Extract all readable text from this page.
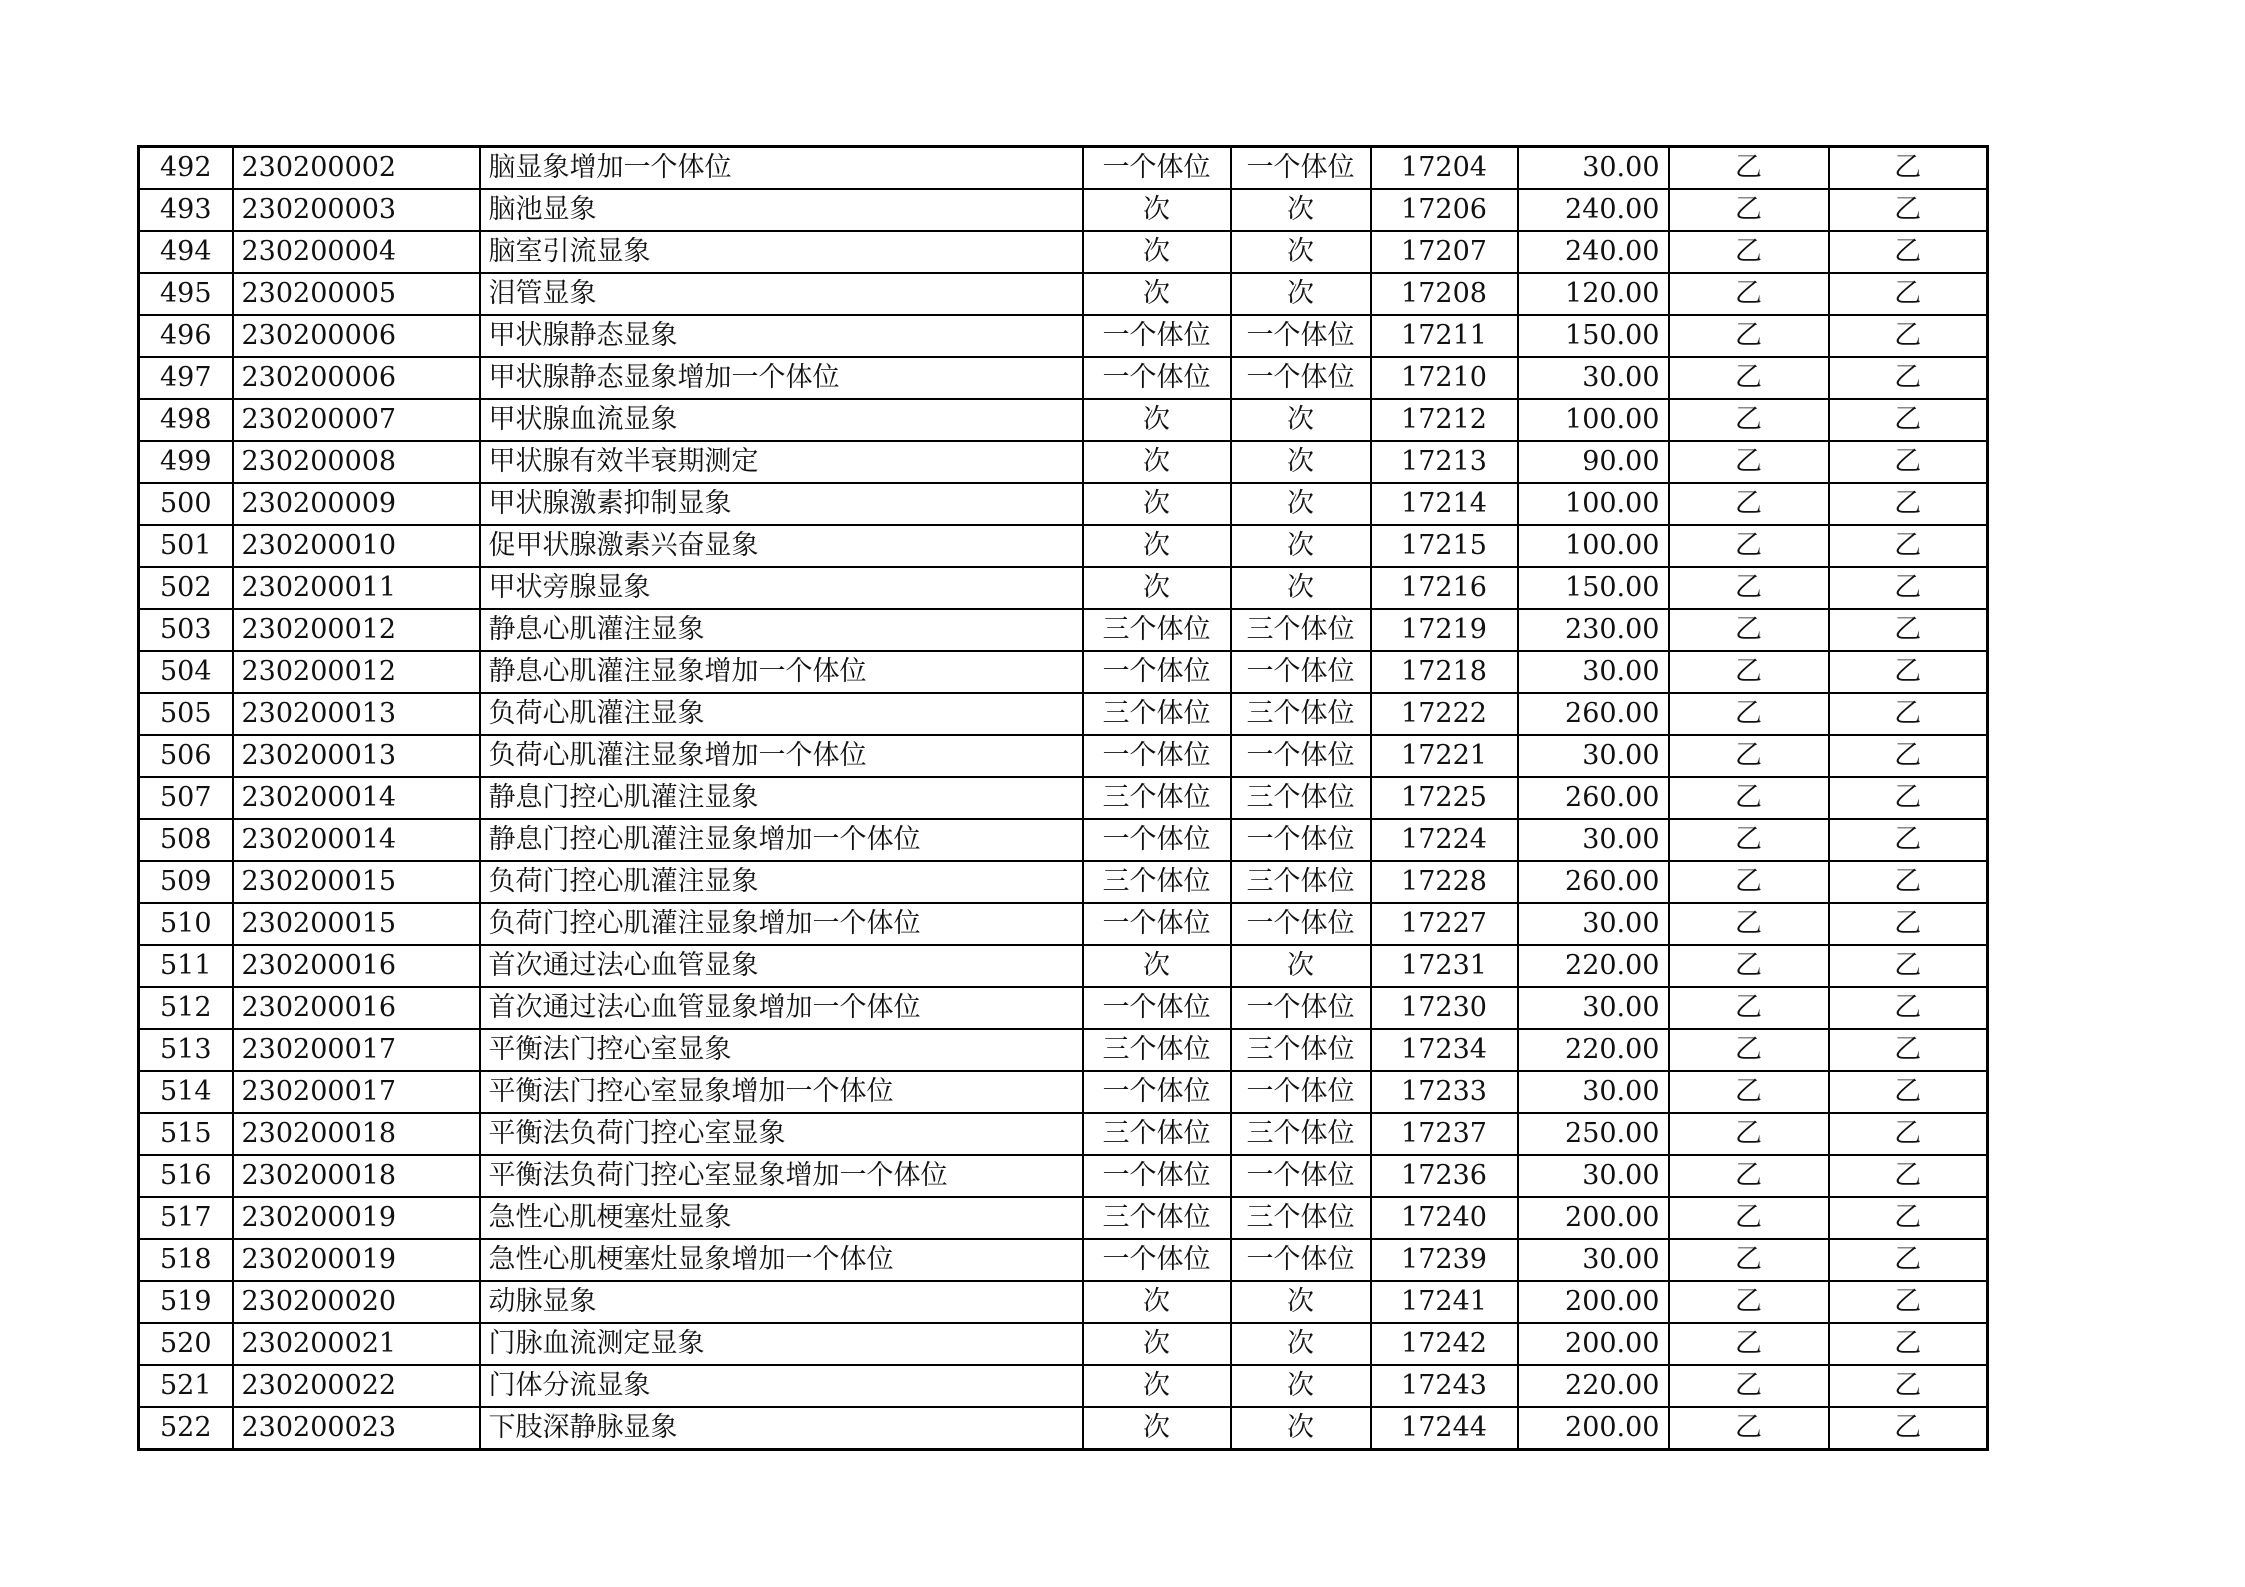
492	230200002	脑显象增加一个体位	一个体位	一个体位	17204	30.00	乙	乙
493	230200003	脑池显象	次	次	17206	240.00	乙	乙
494	230200004	脑室引流显象	次	次	17207	240.00	乙	乙
495	230200005	泪管显象	次	次	17208	120.00	乙	乙
496	230200006	甲状腺静态显象	一个体位	一个体位	17211	150.00	乙	乙
497	230200006	甲状腺静态显象增加一个体位	一个体位	一个体位	17210	30.00	乙	乙
498	230200007	甲状腺血流显象	次	次	17212	100.00	乙	乙
499	230200008	甲状腺有效半衰期测定	次	次	17213	90.00	乙	乙
500	230200009	甲状腺激素抑制显象	次	次	17214	100.00	乙	乙
501	230200010	促甲状腺激素兴奋显象	次	次	17215	100.00	乙	乙
502	230200011	甲状旁腺显象	次	次	17216	150.00	乙	乙
503	230200012	静息心肌灌注显象	三个体位	三个体位	17219	230.00	乙	乙
504	230200012	静息心肌灌注显象增加一个体位	一个体位	一个体位	17218	30.00	乙	乙
505	230200013	负荷心肌灌注显象	三个体位	三个体位	17222	260.00	乙	乙
506	230200013	负荷心肌灌注显象增加一个体位	一个体位	一个体位	17221	30.00	乙	乙
507	230200014	静息门控心肌灌注显象	三个体位	三个体位	17225	260.00	乙	乙
508	230200014	静息门控心肌灌注显象增加一个体位	一个体位	一个体位	17224	30.00	乙	乙
509	230200015	负荷门控心肌灌注显象	三个体位	三个体位	17228	260.00	乙	乙
510	230200015	负荷门控心肌灌注显象增加一个体位	一个体位	一个体位	17227	30.00	乙	乙
511	230200016	首次通过法心血管显象	次	次	17231	220.00	乙	乙
512	230200016	首次通过法心血管显象增加一个体位	一个体位	一个体位	17230	30.00	乙	乙
513	230200017	平衡法门控心室显象	三个体位	三个体位	17234	220.00	乙	乙
514	230200017	平衡法门控心室显象增加一个体位	一个体位	一个体位	17233	30.00	乙	乙
515	230200018	平衡法负荷门控心室显象	三个体位	三个体位	17237	250.00	乙	乙
516	230200018	平衡法负荷门控心室显象增加一个体位	一个体位	一个体位	17236	30.00	乙	乙
517	230200019	急性心肌梗塞灶显象	三个体位	三个体位	17240	200.00	乙	乙
518	230200019	急性心肌梗塞灶显象增加一个体位	一个体位	一个体位	17239	30.00	乙	乙
519	230200020	动脉显象	次	次	17241	200.00	乙	乙
520	230200021	门脉血流测定显象	次	次	17242	200.00	乙	乙
521	230200022	门体分流显象	次	次	17243	220.00	乙	乙
522	230200023	下肢深静脉显象	次	次	17244	200.00	乙	乙
